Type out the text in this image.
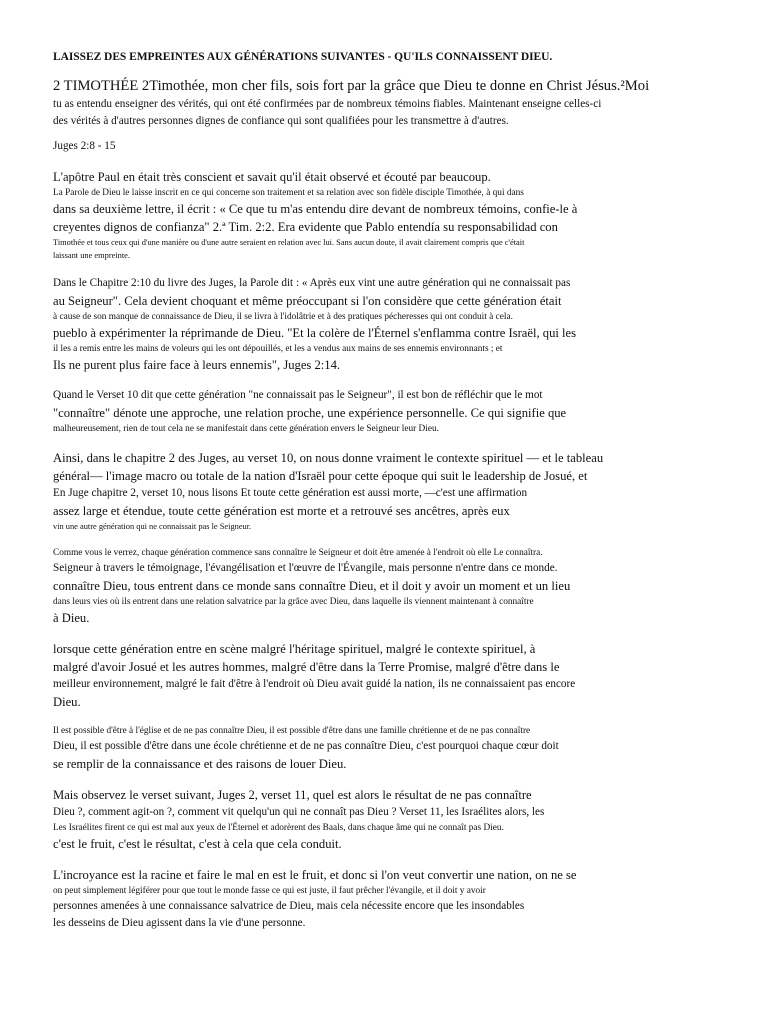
LAISSEZ DES EMPREINTES AUX GÉNÉRATIONS SUIVANTES - QU'ILS CONNAISSENT DIEU.
2 TIMOTHÉE 2Timothée, mon cher fils, sois fort par la grâce que Dieu te donne en Christ Jésus.²Moi
tu as entendu enseigner des vérités, qui ont été confirmées par de nombreux témoins fiables. Maintenant enseigne celles-ci
des vérités à d'autres personnes dignes de confiance qui sont qualifiées pour les transmettre à d'autres.
Juges 2:8 - 15
L'apôtre Paul en était très conscient et savait qu'il était observé et écouté par beaucoup.
La Parole de Dieu le laisse inscrit en ce qui concerne son traitement et sa relation avec son fidèle disciple Timothée, à qui dans
dans sa deuxième lettre, il écrit : « Ce que tu m'as entendu dire devant de nombreux témoins, confie-le à
creyentes dignos de confianza" 2.ª Tim. 2:2. Era evidente que Pablo entendía su responsabilidad con
Timothée et tous ceux qui d'une manière ou d'une autre seraient en relation avec lui. Sans aucun doute, il avait clairement compris que c'était
laissant une empreinte.
Dans le Chapitre 2:10 du livre des Juges, la Parole dit : « Après eux vint une autre génération qui ne connaissait pas
au Seigneur". Cela devient choquant et même préoccupant si l'on considère que cette génération était
à cause de son manque de connaissance de Dieu, il se livra à l'idolâtrie et à des pratiques pécheresses qui ont conduit à cela.
pueblo à expérimenter la réprimande de Dieu. "Et la colère de l'Éternel s'enflamma contre Israël, qui les
il les a remis entre les mains de voleurs qui les ont dépouillés, et les a vendus aux mains de ses ennemis environnants ; et
Ils ne purent plus faire face à leurs ennemis", Juges 2:14.
Quand le Verset 10 dit que cette génération "ne connaissait pas le Seigneur", il est bon de réfléchir que le mot
"connaître" dénote une approche, une relation proche, une expérience personnelle. Ce qui signifie que
malheureusement, rien de tout cela ne se manifestait dans cette génération envers le Seigneur leur Dieu.
Ainsi, dans le chapitre 2 des Juges, au verset 10, on nous donne vraiment le contexte spirituel — et le tableau
général— l'image macro ou totale de la nation d'Israël pour cette époque qui suit le leadership de Josué, et
En Juge chapitre 2, verset 10, nous lisons Et toute cette génération est aussi morte, —c'est une affirmation
assez large et étendue, toute cette génération est morte et a retrouvé ses ancêtres, après eux
vin une autre génération qui ne connaissait pas le Seigneur.
Comme vous le verrez, chaque génération commence sans connaître le Seigneur et doit être amenée à l'endroit où elle Le connaîtra.
Seigneur à travers le témoignage, l'évangélisation et l'œuvre de l'Évangile, mais personne n'entre dans ce monde.
connaître Dieu, tous entrent dans ce monde sans connaître Dieu, et il doit y avoir un moment et un lieu
dans leurs vies où ils entrent dans une relation salvatrice par la grâce avec Dieu, dans laquelle ils viennent maintenant à connaître
à Dieu.
lorsque cette génération entre en scène malgré l'héritage spirituel, malgré le contexte spirituel, à
malgré d'avoir Josué et les autres hommes, malgré d'être dans la Terre Promise, malgré d'être dans le
meilleur environnement, malgré le fait d'être à l'endroit où Dieu avait guidé la nation, ils ne connaissaient pas encore
Dieu.
Il est possible d'être à l'église et de ne pas connaître Dieu, il est possible d'être dans une famille chrétienne et de ne pas connaître
Dieu, il est possible d'être dans une école chrétienne et de ne pas connaître Dieu, c'est pourquoi chaque cœur doit
se remplir de la connaissance et des raisons de louer Dieu.
Mais observez le verset suivant, Juges 2, verset 11, quel est alors le résultat de ne pas connaître
Dieu ?, comment agit-on ?, comment vit quelqu'un qui ne connaît pas Dieu ? Verset 11, les Israélites alors, les
Les Israélites firent ce qui est mal aux yeux de l'Éternel et adorèrent des Baals, dans chaque âme qui ne connaît pas Dieu.
c'est le fruit, c'est le résultat, c'est à cela que cela conduit.
L'incroyance est la racine et faire le mal en est le fruit, et donc si l'on veut convertir une nation, on ne se
on peut simplement légiférer pour que tout le monde fasse ce qui est juste, il faut prêcher l'évangile, et il doit y avoir
personnes amenées à une connaissance salvatrice de Dieu, mais cela nécessite encore que les insondables
les desseins de Dieu agissent dans la vie d'une personne.
